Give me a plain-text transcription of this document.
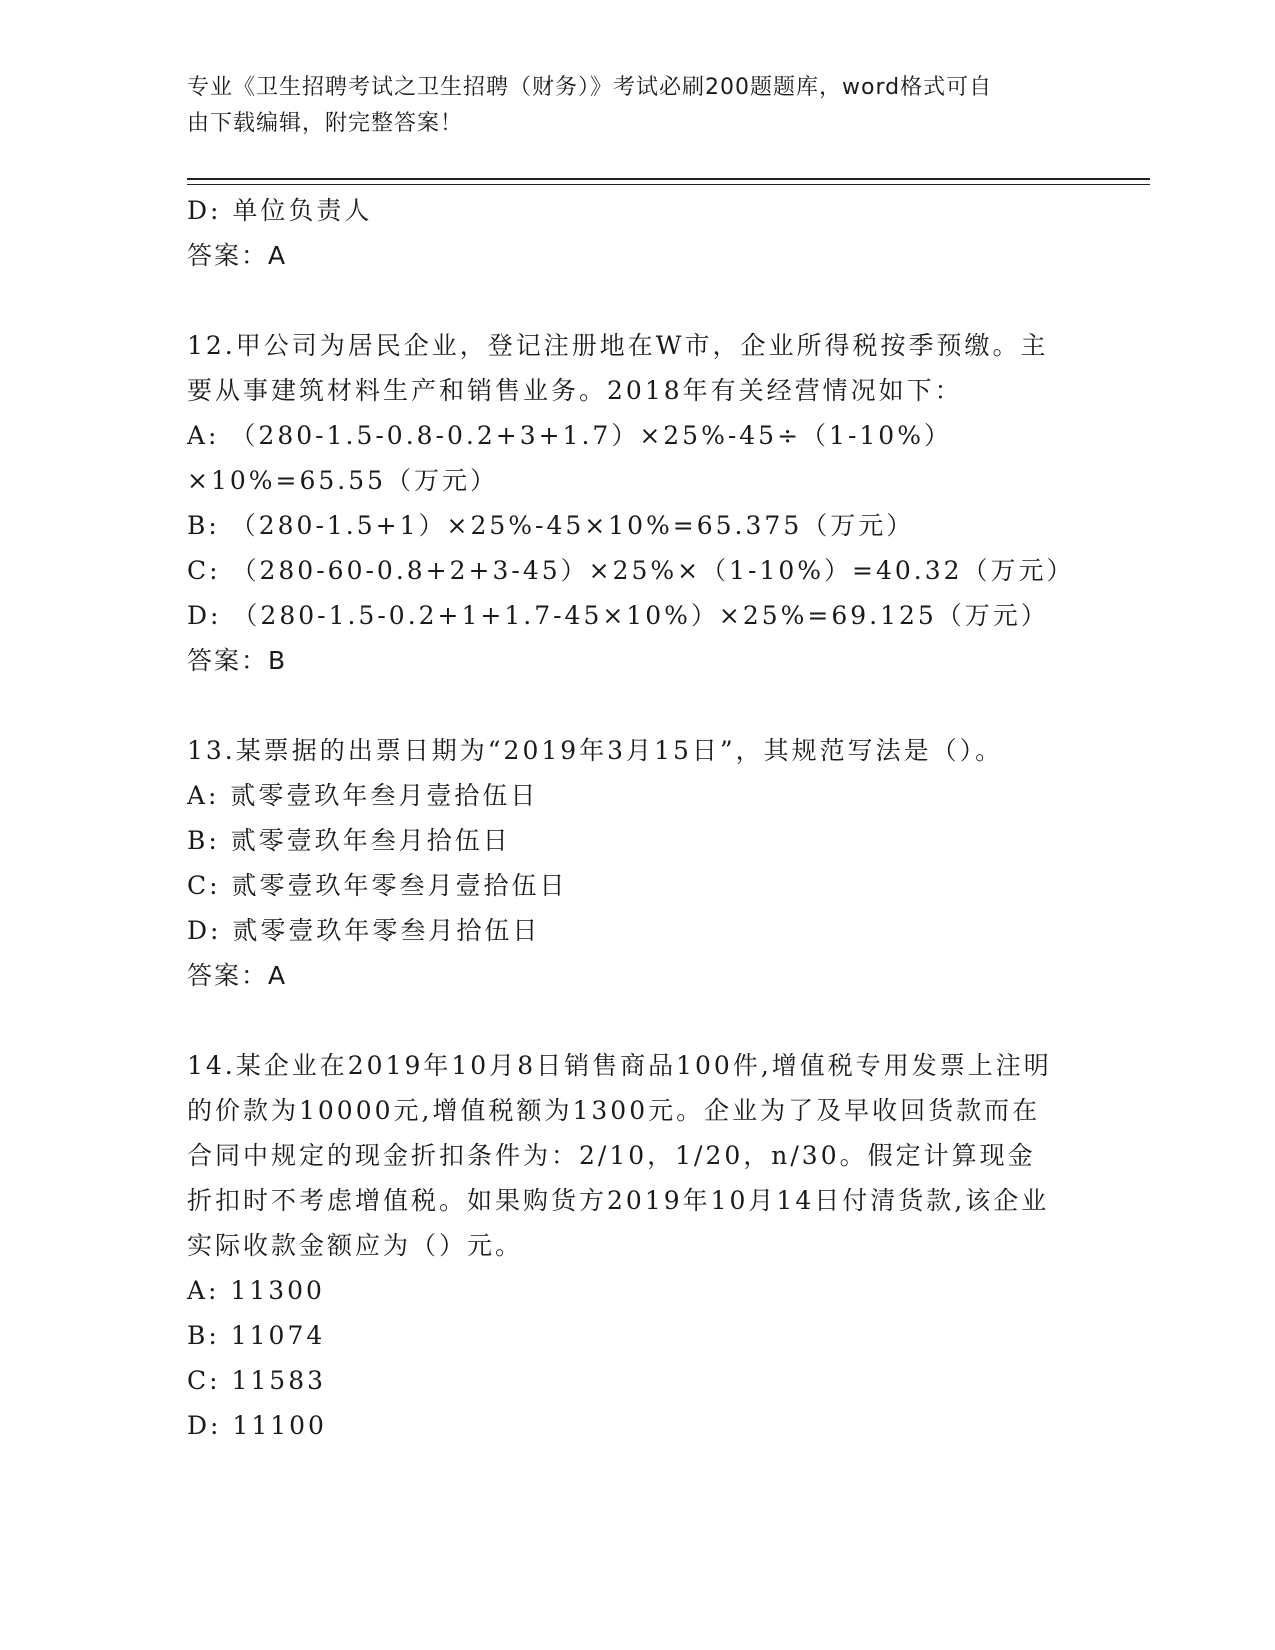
专业《卫生招聘考试之卫生招聘（财务）》考试必刷200题题库，word格式可自
由下载编辑，附完整答案！
D: 单位负责人
答案：A
12.甲公司为居民企业，登记注册地在W市，企业所得税按季预缴。主要从事建筑材料生产和销售业务。2018年有关经营情况如下：
A: （280-1.5-0.8-0.2+3+1.7）×25%-45÷（1-10%）×10%=65.55（万元）
B: （280-1.5+1）×25%-45×10%=65.375（万元）
C: （280-60-0.8+2+3-45）×25%×（1-10%）=40.32（万元）
D: （280-1.5-0.2+1+1.7-45×10%）×25%=69.125（万元）
答案：B
13.某票据的出票日期为“2019年3月15日”，其规范写法是（）。
A: 贰零壹玖年叁月壹拾伍日
B: 贰零壹玖年叁月拾伍日
C: 贰零壹玖年零叁月壹拾伍日
D: 贰零壹玖年零叁月拾伍日
答案：A
14.某企业在2019年10月8日销售商品100件,增值税专用发票上注明的价款为10000元,增值税额为1300元。企业为了及早收回货款而在合同中规定的现金折扣条件为：2/10，1/20，n/30。假定计算现金折扣时不考虑增值税。如果购货方2019年10月14日付清货款,该企业实际收款金额应为（）元。
A: 11300
B: 11074
C: 11583
D: 11100
